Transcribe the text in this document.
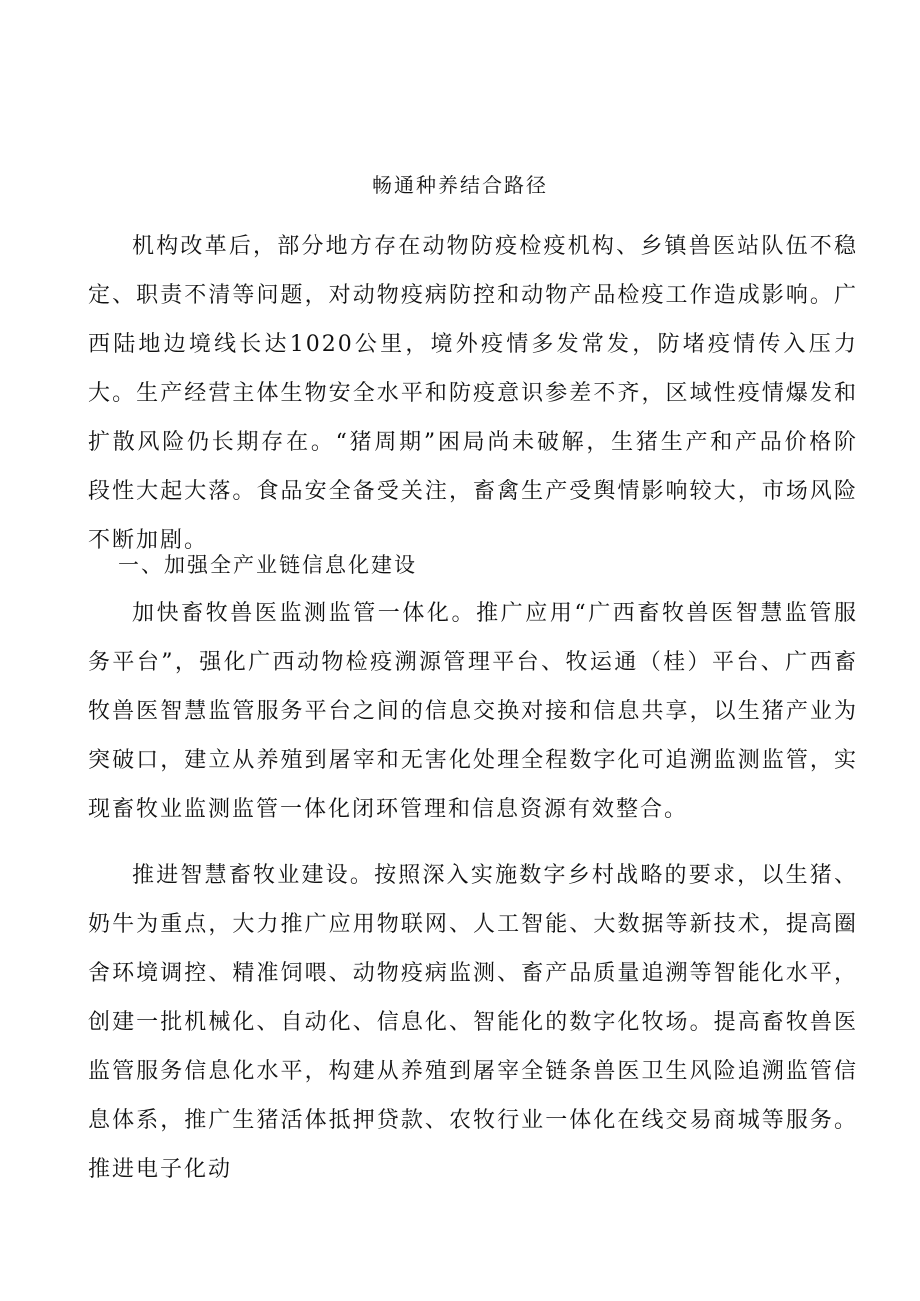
畅通种养结合路径

机构改革后，部分地方存在动物防疫检疫机构、乡镇兽医站队伍不稳定、职责不清等问题，对动物疫病防控和动物产品检疫工作造成影响。广西陆地边境线长达1020公里，境外疫情多发常发，防堵疫情传入压力大。生产经营主体生物安全水平和防疫意识参差不齐，区域性疫情爆发和扩散风险仍长期存在。“猪周期”困局尚未破解，生猪生产和产品价格阶段性大起大落。食品安全备受关注，畜禽生产受舆情影响较大，市场风险不断加剧。

一、加强全产业链信息化建设

加快畜牧兽医监测监管一体化。推广应用“广西畜牧兽医智慧监管服务平台”，强化广西动物检疫溯源管理平台、牧运通（桂）平台、广西畜牧兽医智慧监管服务平台之间的信息交换对接和信息共享，以生猪产业为突破口，建立从养殖到屠宰和无害化处理全程数字化可追溯监测监管，实现畜牧业监测监管一体化闭环管理和信息资源有效整合。

推进智慧畜牧业建设。按照深入实施数字乡村战略的要求，以生猪、奶牛为重点，大力推广应用物联网、人工智能、大数据等新技术，提高圈舍环境调控、精准饲喂、动物疫病监测、畜产品质量追溯等智能化水平，创建一批机械化、自动化、信息化、智能化的数字化牧场。提高畜牧兽医监管服务信息化水平，构建从养殖到屠宰全链条兽医卫生风险追溯监管信息体系，推广生猪活体抵押贷款、农牧行业一体化在线交易商城等服务。推进电子化动
